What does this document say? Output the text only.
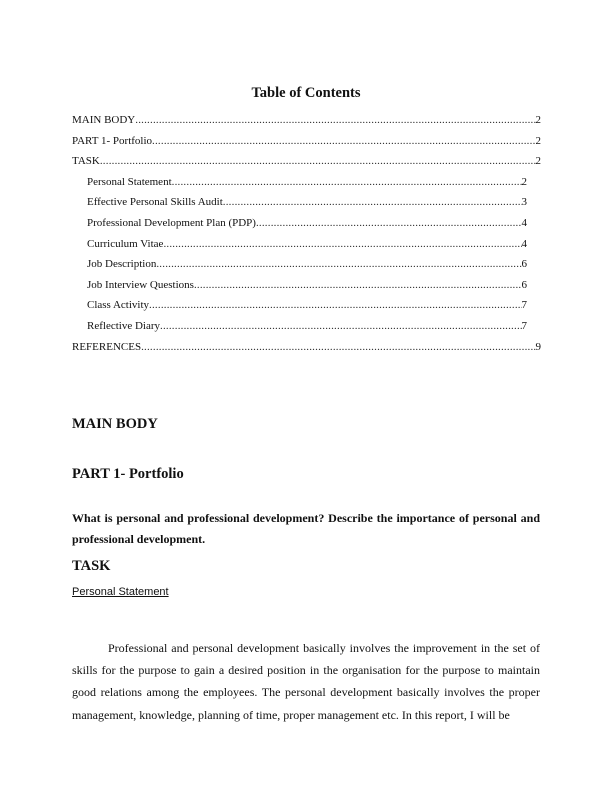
Table of Contents
MAIN BODY .....	2
PART 1- Portfolio .....	2
TASK .....	2
Personal Statement .....	2
Effective Personal Skills Audit .....	3
Professional Development Plan (PDP) .....	4
Curriculum Vitae .....	4
Job Description .....	6
Job Interview Questions .....	6
Class Activity .....	7
Reflective Diary .....	7
REFERENCES .....	9
MAIN BODY
PART 1- Portfolio
What is personal and professional development? Describe the importance of personal and professional development.
TASK
Personal Statement
Professional and personal development basically involves the improvement in the set of skills for the purpose to gain a desired position in the organisation for the purpose to maintain good relations among the employees. The personal development basically involves the proper management, knowledge, planning of time, proper management etc. In this report, I will be
